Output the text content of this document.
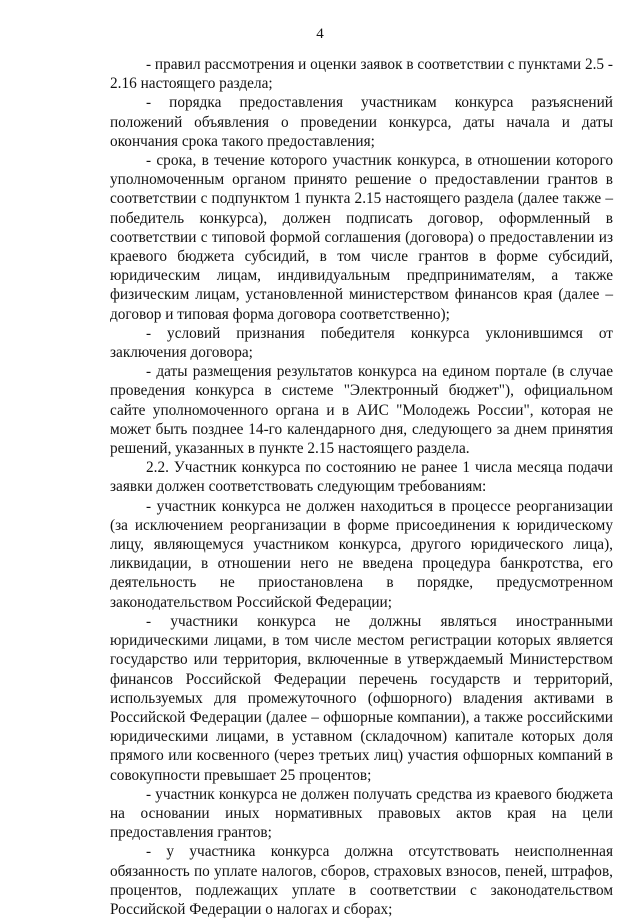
4

- правил рассмотрения и оценки заявок в соответствии с пунктами 2.5 - 2.16 настоящего раздела;

- порядка предоставления участникам конкурса разъяснений положений объявления о проведении конкурса, даты начала и даты окончания срока такого предоставления;

- срока, в течение которого участник конкурса, в отношении которого уполномоченным органом принято решение о предоставлении грантов в соответствии с подпунктом 1 пункта 2.15 настоящего раздела (далее также – победитель конкурса), должен подписать договор, оформленный в соответствии с типовой формой соглашения (договора) о предоставлении из краевого бюджета субсидий, в том числе грантов в форме субсидий, юридическим лицам, индивидуальным предпринимателям, а также физическим лицам, установленной министерством финансов края (далее – договор и типовая форма договора соответственно);

- условий признания победителя конкурса уклонившимся от заключения договора;

- даты размещения результатов конкурса на едином портале (в случае проведения конкурса в системе "Электронный бюджет"), официальном сайте уполномоченного органа и в АИС "Молодежь России", которая не может быть позднее 14-го календарного дня, следующего за днем принятия решений, указанных в пункте 2.15 настоящего раздела.

2.2. Участник конкурса по состоянию не ранее 1 числа месяца подачи заявки должен соответствовать следующим требованиям:

- участник конкурса не должен находиться в процессе реорганизации (за исключением реорганизации в форме присоединения к юридическому лицу, являющемуся участником конкурса, другого юридического лица), ликвидации, в отношении него не введена процедура банкротства, его деятельность не приостановлена в порядке, предусмотренном законодательством Российской Федерации;

- участники конкурса не должны являться иностранными юридическими лицами, в том числе местом регистрации которых является государство или территория, включенные в утверждаемый Министерством финансов Российской Федерации перечень государств и территорий, используемых для промежуточного (офшорного) владения активами в Российской Федерации (далее – офшорные компании), а также российскими юридическими лицами, в уставном (складочном) капитале которых доля прямого или косвенного (через третьих лиц) участия офшорных компаний в совокупности превышает 25 процентов;

- участник конкурса не должен получать средства из краевого бюджета на основании иных нормативных правовых актов края на цели предоставления грантов;

- у участника конкурса должна отсутствовать неисполненная обязанность по уплате налогов, сборов, страховых взносов, пеней, штрафов, процентов, подлежащих уплате в соответствии с законодательством Российской Федерации о налогах и сборах;
